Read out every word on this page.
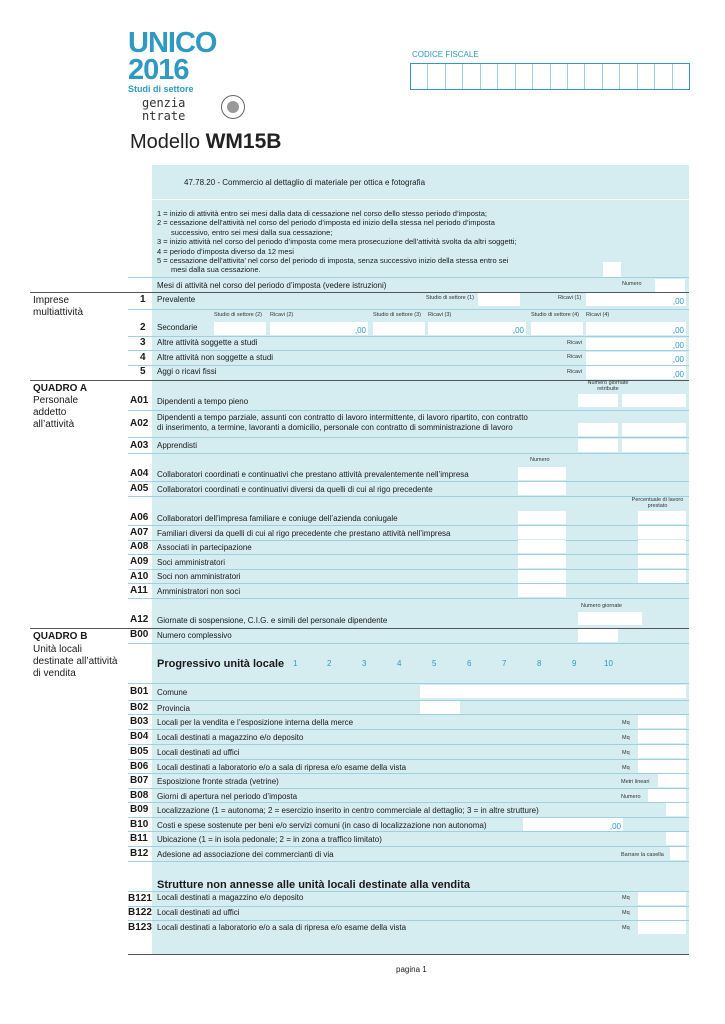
UNICO
2016
Studi di settore
genzia
ntrate
Modello WM15B
CODICE FISCALE
47.78.20 - Commercio al dettaglio di materiale per ottica e fotografia
1 = inizio di attività entro sei mesi dalla data di cessazione nel corso dello stesso periodo d’imposta;
2 = cessazione dell’attività nel corso del periodo d’imposta ed inizio della stessa nel periodo d’imposta
successivo, entro sei mesi dalla sua cessazione;
3 = inizio attività nel corso del periodo d’imposta come mera prosecuzione dell’attività svolta da altri soggetti;
4 = periodo d’imposta diverso da 12 mesi
5 = cessazione dell’attivita’ nel corso del periodo di imposta, senza successivo inizio della stessa entro sei
mesi dalla sua cessazione.
Mesi di attività nel corso del periodo d’imposta (vedere istruzioni)	Numero
Imprese
multiattività
1 Prevalente	Studio di settore (1)	Ricavi (1)	,00
Studio di settore (2) Ricavi (2)	Studio di settore (3) Ricavi (3)	Studio di settore (4) Ricavi (4)
2 Secondarie	,00	,00	,00
3 Altre attività soggette a studi	Ricavi	,00
4 Altre attività non soggette a studi	Ricavi	,00
5 Aggi o ricavi fissi	Ricavi	,00
QUADRO A
Personale
addetto
all’attività
Numero giornate retribuite
A01 Dipendenti a tempo pieno
A02
Dipendenti a tempo parziale, assunti con contratto di lavoro intermittente, di lavoro ripartito, con contratto
di inserimento, a termine, lavoranti a domicilio, personale con contratto di somministrazione di lavoro
A03 Apprendisti
Numero
A04 Collaboratori coordinati e continuativi che prestano attività prevalentemente nell’impresa
A05 Collaboratori coordinati e continuativi diversi da quelli di cui al rigo precedente
Percentuale di lavoro prestato
A06 Collaboratori dell’impresa familiare e coniuge dell’azienda coniugale
A07 Familiari diversi da quelli di cui al rigo precedente che prestano attività nell’impresa
A08 Associati in partecipazione
A09 Soci amministratori
A10 Soci non amministratori
A11 Amministratori non soci
Numero giornate
A12 Giornate di sospensione, C.I.G. e simili del personale dipendente
QUADRO B
Unità locali
destinate all’attività
di vendita
B00 Numero complessivo
Progressivo unità locale 1	2	3	4	5	6	7	8	9	10
B01 Comune
B02 Provincia
B03 Locali per la vendita e l’esposizione interna della merce	Mq
B04 Locali destinati a magazzino e/o deposito	Mq
B05 Locali destinati ad uffici	Mq
B06 Locali destinati a laboratorio e/o a sala di ripresa e/o esame della vista	Mq
B07 Esposizione fronte strada (vetrine)	Metri lineari
B08 Giorni di apertura nel periodo d’imposta	Numero
B09 Localizzazione (1 = autonoma; 2 = esercizio inserito in centro commerciale al dettaglio; 3 = in altre strutture)
B10 Costi e spese sostenute per beni e/o servizi comuni (in caso di localizzazione non autonoma)	,00
B11 Ubicazione (1 = in isola pedonale; 2 = in zona a traffico limitato)
B12 Adesione ad associazione dei commercianti di via	Barrare la casella
Strutture non annesse alle unità locali destinate alla vendita
B121 Locali destinati a magazzino e/o deposito	Mq
B122 Locali destinati ad uffici	Mq
B123 Locali destinati a laboratorio e/o a sala di ripresa e/o esame della vista	Mq
pagina 1
